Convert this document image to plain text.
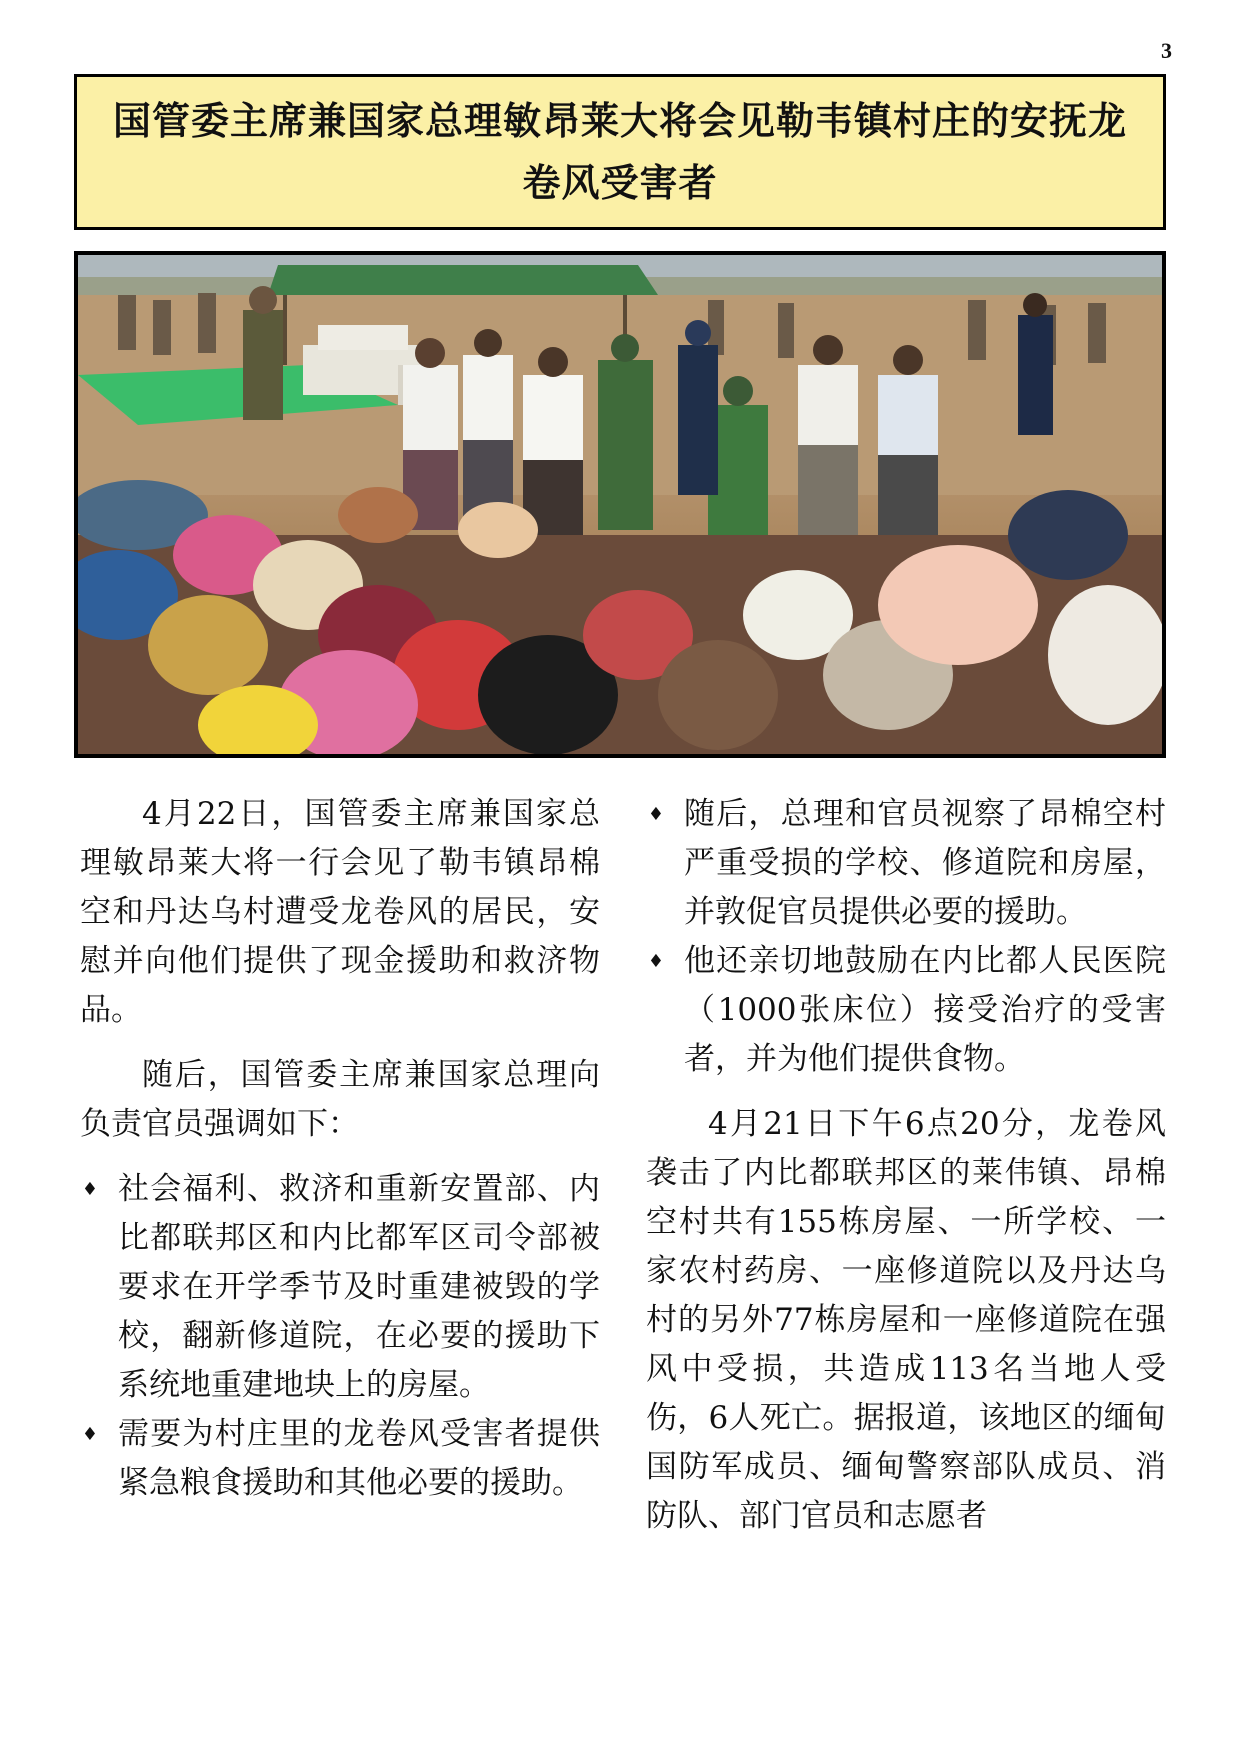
3
国管委主席兼国家总理敏昂莱大将会见勒韦镇村庄的安抚龙卷风受害者

4月22日，国管委主席兼国家总理敏昂莱大将一行会见了勒韦镇昂棉空和丹达乌村遭受龙卷风的居民，安慰并向他们提供了现金援助和救济物品。

随后，国管委主席兼国家总理向负责官员强调如下：

♦ 社会福利、救济和重新安置部、内比都联邦区和内比都军区司令部被要求在开学季节及时重建被毁的学校，翻新修道院，在必要的援助下系统地重建地块上的房屋。
♦ 需要为村庄里的龙卷风受害者提供紧急粮食援助和其他必要的援助。
♦ 随后，总理和官员视察了昂棉空村严重受损的学校、修道院和房屋，并敦促官员提供必要的援助。
♦ 他还亲切地鼓励在内比都人民医院（1000张床位）接受治疗的受害者，并为他们提供食物。

4月21日下午6点20分，龙卷风袭击了内比都联邦区的莱伟镇、昂棉空村共有155栋房屋、一所学校、一家农村药房、一座修道院以及丹达乌村的另外77栋房屋和一座修道院在强风中受损，共造成113名当地人受伤，6人死亡。据报道，该地区的缅甸国防军成员、缅甸警察部队成员、消防队、部门官员和志愿者
